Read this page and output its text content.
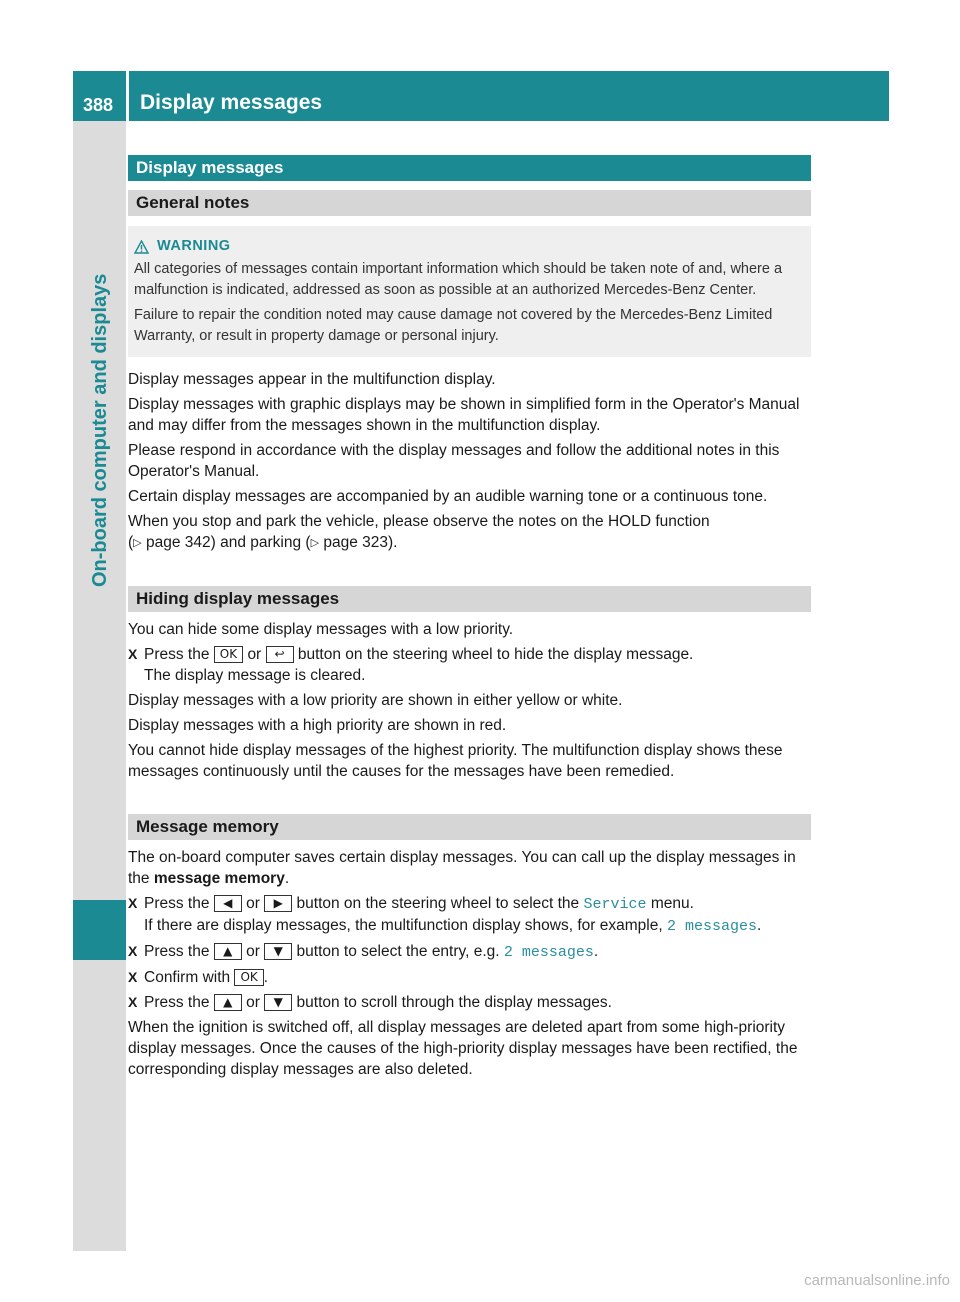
388 Display messages
On-board computer and displays
Display messages
General notes
WARNING

All categories of messages contain important information which should be taken note of and, where a malfunction is indicated, addressed as soon as possible at an authorized Mercedes-Benz Center.

Failure to repair the condition noted may cause damage not covered by the Mercedes-Benz Limited Warranty, or result in property damage or personal injury.

Display messages appear in the multifunction display.

Display messages with graphic displays may be shown in simplified form in the Operator's Manual and may differ from the messages shown in the multifunction display.

Please respond in accordance with the display messages and follow the additional notes in this Operator's Manual.

Certain display messages are accompanied by an audible warning tone or a continuous tone.

When you stop and park the vehicle, please observe the notes on the HOLD function
(▷ page 342) and parking (▷ page 323).

Hiding display messages

You can hide some display messages with a low priority.

X Press the OK or ↩ button on the steering wheel to hide the display message.
The display message is cleared.

Display messages with a low priority are shown in either yellow or white.

Display messages with a high priority are shown in red.

You cannot hide display messages of the highest priority. The multifunction display shows these messages continuously until the causes for the messages have been remedied.

Message memory

The on-board computer saves certain display messages. You can call up the display messages in the message memory.

X Press the ◀ or ▶ button on the steering wheel to select the Service menu.
If there are display messages, the multifunction display shows, for example, 2 messages.
X Press the ▲ or ▼ button to select the entry, e.g. 2 messages.
X Confirm with OK .
X Press the ▲ or ▼ button to scroll through the display messages.

When the ignition is switched off, all display messages are deleted apart from some high-priority display messages. Once the causes of the high-priority display messages have been rectified, the corresponding display messages are also deleted.

carmanualsonline.info
